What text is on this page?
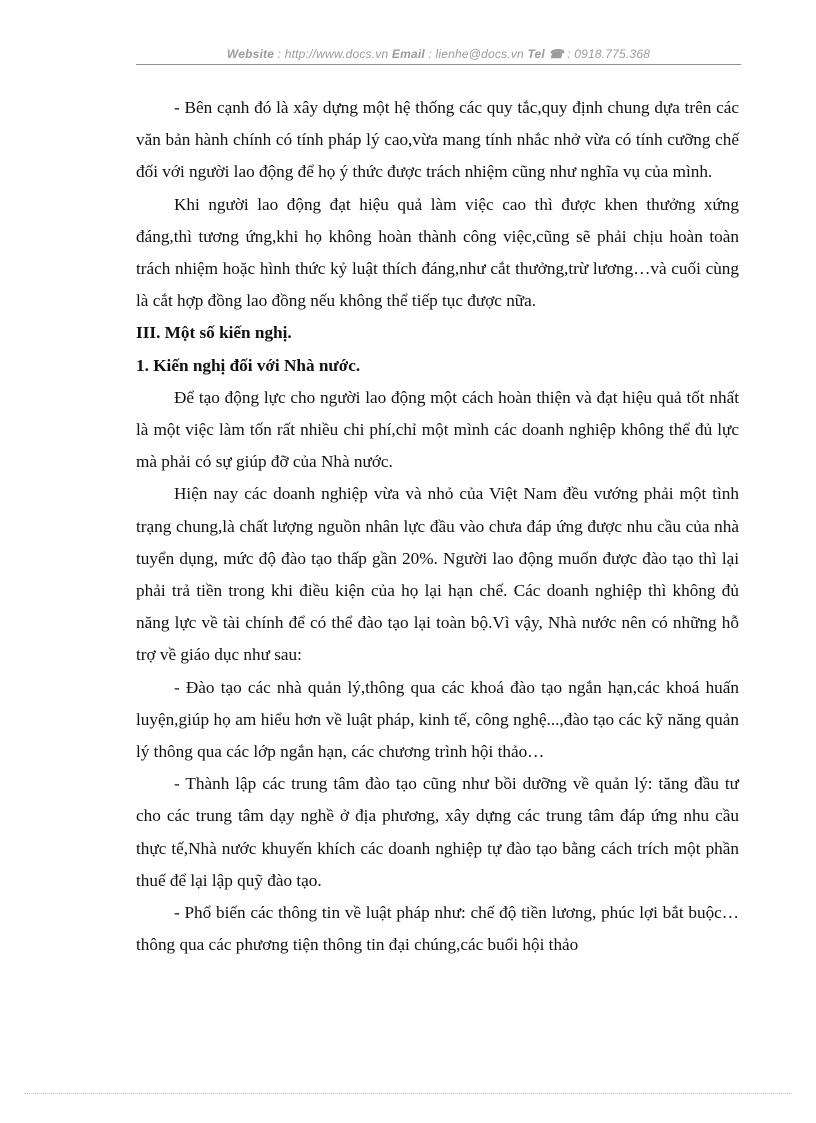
Website : http://www.docs.vn Email : lienhe@docs.vn Tel ☎ : 0918.775.368

- Bên cạnh đó là xây dựng một hệ thống các quy tắc,quy định chung dựa trên các văn bản hành chính có tính pháp lý cao,vừa mang tính nhắc nhở vừa có tính cưỡng chế đối với người lao động để họ ý thức được trách nhiệm cũng như nghĩa vụ của mình.

Khi người lao động đạt hiệu quả làm việc cao thì được khen thưởng xứng đáng,thì tương ứng,khi họ không hoàn thành công việc,cũng sẽ phải chịu hoàn toàn trách nhiệm hoặc hình thức kỷ luật thích đáng,như cắt thưởng,trừ lương…và cuối cùng là cắt hợp đồng lao đồng nếu không thể tiếp tục được nữa.

III. Một số kiến nghị.

1. Kiến nghị đối với Nhà nước.

Để tạo động lực cho người lao động một cách hoàn thiện và đạt hiệu quả tốt nhất là một việc làm tốn rất nhiều chi phí,chỉ một mình các doanh nghiệp không thể đủ lực mà phải có sự giúp đỡ của Nhà nước.

Hiện nay các doanh nghiệp vừa và nhỏ của Việt Nam đều vướng phải một tình trạng chung,là chất lượng nguồn nhân lực đầu vào chưa đáp ứng được nhu cầu của nhà tuyển dụng, mức độ đào tạo thấp gần 20%. Người lao động muốn được đào tạo thì lại phải trả tiền trong khi điều kiện của họ lại hạn chế. Các doanh nghiệp thì không đủ năng lực về tài chính để có thể đào tạo lại toàn bộ.Vì vậy, Nhà nước nên có những hỗ trợ về giáo dục như sau:

- Đào tạo các nhà quản lý,thông qua các khoá đào tạo ngắn hạn,các khoá huấn luyện,giúp họ am hiểu hơn về luật pháp, kinh tế, công nghệ...,đào tạo các kỹ năng quản lý thông qua các lớp ngắn hạn, các chương trình hội thảo…

- Thành lập các trung tâm đào tạo cũng như bồi dưỡng về quản lý: tăng đầu tư cho các trung tâm dạy nghề ở địa phương, xây dựng các trung tâm đáp ứng nhu cầu thực tế,Nhà nước khuyến khích các doanh nghiệp tự đào tạo bằng cách trích một phần thuế để lại lập quỹ đào tạo.

- Phổ biến các thông tin về luật pháp như: chế độ tiền lương, phúc lợi bắt buộc… thông qua các phương tiện thông tin đại chúng,các buổi hội thảo
